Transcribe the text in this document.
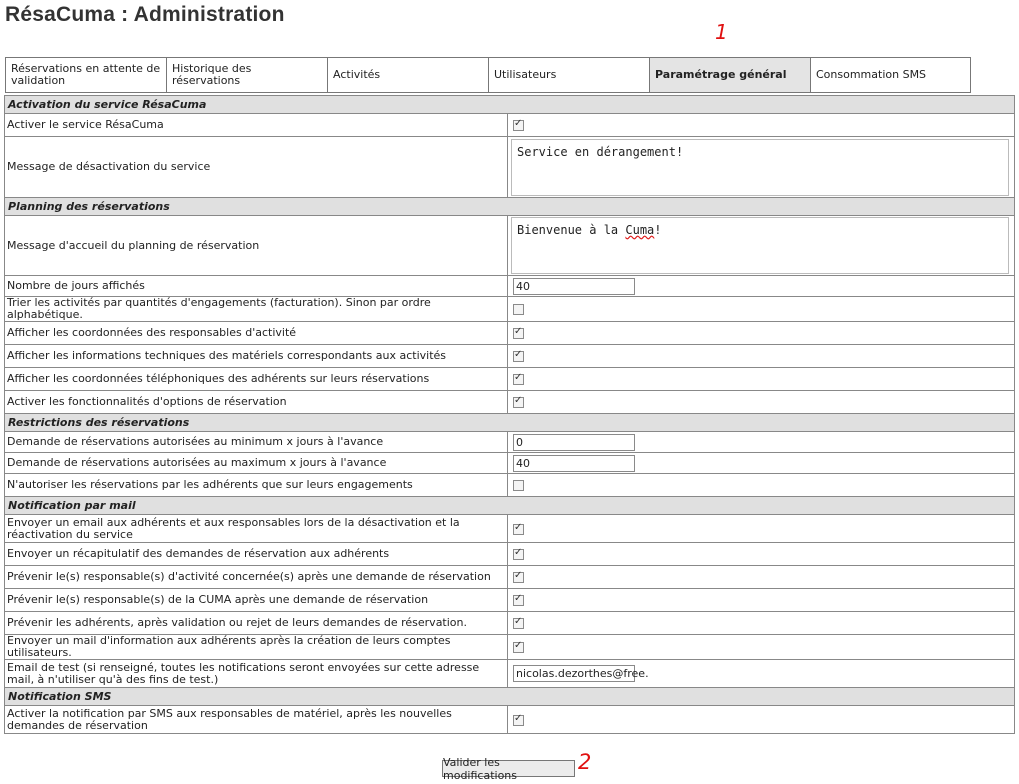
RésaCuma : Administration
1
Réservations en attente de validation
Historique des réservations	Activités	Utilisateurs	Paramétrage général	Consommation SMS
Activation du service RésaCuma	
Activer le service RésaCuma	✓
Message de désactivation du service	Service en dérangement!

Planning des réservations	
Message d'accueil du planning de réservation	Bienvenue à la Cuma!

Nombre de jours affichés	40

Trier les activités par quantités d'engagements (facturation). Sinon par ordre alphabétique.	
Afficher les coordonnées des responsables d'activité	✓
Afficher les informations techniques des matériels correspondants aux activités	✓
Afficher les coordonnées téléphoniques des adhérents sur leurs réservations	✓
Activer les fonctionnalités d'options de réservation	✓
Restrictions des réservations	
Demande de réservations autorisées au minimum x jours à l'avance	0

Demande de réservations autorisées au maximum x jours à l'avance	40

N'autoriser les réservations par les adhérents que sur leurs engagements	
Notification par mail	
Envoyer un email aux adhérents et aux responsables lors de la désactivation et la réactivation du service	✓
Envoyer un récapitulatif des demandes de réservation aux adhérents	✓
Prévenir le(s) responsable(s) d'activité concernée(s) après une demande de réservation	✓
Prévenir le(s) responsable(s) de la CUMA après une demande de réservation	✓
Prévenir les adhérents, après validation ou rejet de leurs demandes de réservation.	✓
Envoyer un mail d'information aux adhérents après la création de leurs comptes utilisateurs.	✓
Email de test (si renseigné, toutes les notifications seront envoyées sur cette adresse mail, à n'utiliser qu'à des fins de test.)	nicolas.dezorthes@free.

Notification SMS	
Activer la notification par SMS aux responsables de matériel, après les nouvelles demandes de réservation	✓
Valider les modifications
2
